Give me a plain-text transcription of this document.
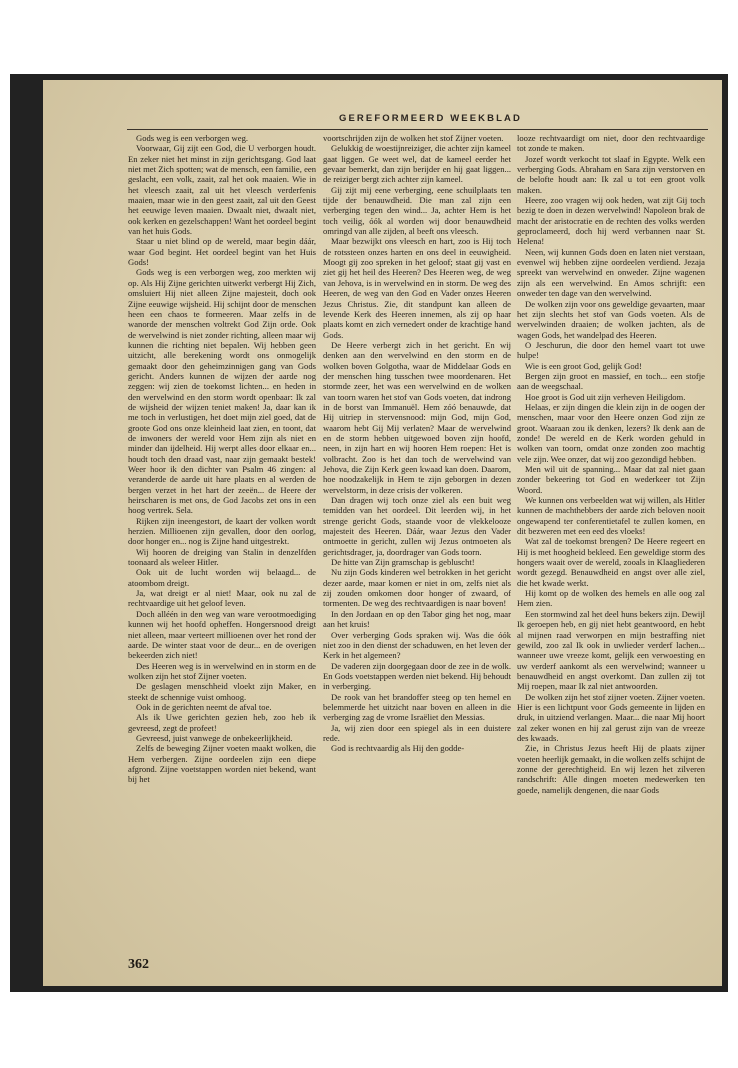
GEREFORMEERD WEEKBLAD

Gods weg is een verborgen weg.

Voorwaar, Gij zijt een God, die U verborgen houdt. En zeker niet het minst in zijn gerichtsgang. God laat niet met Zich spotten; wat de mensch, een familie, een geslacht, een volk, zaait, zal het ook maaien. Wie in het vleesch zaait, zal uit het vleesch verderfenis maaien, maar wie in den geest zaait, zal uit den Geest het eeuwige leven maaien. Dwaalt niet, dwaalt niet, ook kerken en gezelschappen! Want het oordeel begint van het huis Gods.

Staar u niet blind op de wereld, maar begin dáár, waar God begint. Het oordeel begint van het Huis Gods!

Gods weg is een verborgen weg, zoo merkten wij op. Als Hij Zijne gerichten uitwerkt verbergt Hij Zich, omsluiert Hij niet alleen Zijne majesteit, doch ook Zijne eeuwige wijsheid. Hij schijnt door de menschen heen een chaos te formeeren. Maar zelfs in de wanorde der menschen voltrekt God Zijn orde. Ook de wervelwind is niet zonder richting, alleen maar wij kunnen die richting niet bepalen. Wij hebben geen uitzicht, alle berekening wordt ons onmogelijk gemaakt door den geheimzinnigen gang van Gods gericht. Anders kunnen de wijzen der aarde nog zeggen: wij zien de toekomst lichten... en heden in den wervelwind en den storm wordt openbaar: Ik zal de wijsheid der wijzen teniet maken! Ja, daar kan ik me toch in verlustigen, het doet mijn ziel goed, dat de groote God ons onze kleinheid laat zien, en toont, dat de inwoners der wereld voor Hem zijn als niet en minder dan ijdelheid. Hij werpt alles door elkaar en... houdt toch den draad vast, naar zijn gemaakt bestek! Weer hoor ik den dichter van Psalm 46 zingen: al veranderde de aarde uit hare plaats en al werden de bergen verzet in het hart der zeeën... de Heere der heirscharen is met ons, de God Jacobs zet ons in een hoog vertrek. Sela.

Rijken zijn ineengestort, de kaart der volken wordt herzien. Millioenen zijn gevallen, door den oorlog, door honger en... nog is Zijne hand uitgestrekt.

Wij hooren de dreiging van Stalin in denzelfden toonaard als weleer Hitler.

Ook uit de lucht worden wij belaagd... de atoombom dreigt.

Ja, wat dreigt er al niet! Maar, ook nu zal de rechtvaardige uit het geloof leven.

Doch alléén in den weg van ware verootmoediging kunnen wij het hoofd opheffen. Hongersnood dreigt niet alleen, maar verteert millioenen over het rond der aarde. De winter staat voor de deur... en de overigen bekeerden zich niet!

Des Heeren weg is in wervelwind en in storm en de wolken zijn het stof Zijner voeten.

De geslagen menschheid vloekt zijn Maker, en steekt de schennige vuist omhoog.

Ook in de gerichten neemt de afval toe.

Als ik Uwe gerichten gezien heb, zoo heb ik gevreesd, zegt de profeet!

Gevreesd, juist vanwege de onbekeerlijkheid.

Zelfs de beweging Zijner voeten maakt wolken, die Hem verbergen. Zijne oordeelen zijn een diepe afgrond. Zijne voetstappen worden niet bekend, want bij het

voortschrijden zijn de wolken het stof Zijner voeten.

Gelukkig de woestijnreiziger, die achter zijn kameel gaat liggen. Ge weet wel, dat de kameel eerder het gevaar bemerkt, dan zijn berijder en hij gaat liggen... de reiziger bergt zich achter zijn kameel.

Gij zijt mij eene verberging, eene schuilplaats ten tijde der benauwdheid. Die man zal zijn een verberging tegen den wind... Ja, achter Hem is het toch veilig, óók al worden wij door benauwdheid omringd van alle zijden, al beeft ons vleesch.

Maar bezwijkt ons vleesch en hart, zoo is Hij toch de rotssteen onzes harten en ons deel in eeuwigheid. Moogt gij zoo spreken in het geloof; staat gij vast en ziet gij het heil des Heeren? Des Heeren weg, de weg van Jehova, is in wervelwind en in storm. De weg des Heeren, de weg van den God en Vader onzes Heeren Jezus Christus. Zie, dit standpunt kan alleen de levende Kerk des Heeren innemen, als zij op haar plaats komt en zich vernedert onder de krachtige hand Gods.

De Heere verbergt zich in het gericht. En wij denken aan den wervelwind en den storm en de wolken boven Golgotha, waar de Middelaar Gods en der menschen hing tusschen twee moordenaren. Het stormde zeer, het was een wervelwind en de wolken van toorn waren het stof van Gods voeten, dat indrong in de borst van Immanuël. Hem zóó benauwde, dat Hij uitriep in stervensnood: mijn God, mijn God, waarom hebt Gij Mij verlaten? Maar de wervelwind en de storm hebben uitgewoed boven zijn hoofd, neen, in zijn hart en wij hooren Hem roepen: Het is volbracht. Zoo is het dan toch de wervelwind van Jehova, die Zijn Kerk geen kwaad kan doen. Daarom, hoe noodzakelijk in Hem te zijn geborgen in dezen wervelstorm, in deze crisis der volkeren.

Dan dragen wij toch onze ziel als een buit weg temidden van het oordeel. Dit leerden wij, in het strenge gericht Gods, staande voor de vlekkelooze majesteit des Heeren. Dáár, waar Jezus den Vader ontmoette in gericht, zullen wij Jezus ontmoeten als gerichtsdrager, ja, doordrager van Gods toorn.

De hitte van Zijn gramschap is gebluscht!

Nu zijn Gods kinderen wel betrokken in het gericht dezer aarde, maar komen er niet in om, zelfs niet als zij zouden omkomen door honger of zwaard, of tormenten. De weg des rechtvaardigen is naar boven!

In den Jordaan en op den Tabor ging het nog, maar aan het kruis!

Over verberging Gods spraken wij. Was die óók niet zoo in den dienst der schaduwen, en het leven der Kerk in het algemeen?

De vaderen zijn doorgegaan door de zee in de wolk. En Gods voetstappen werden niet bekend. Hij behoudt in verberging.

De rook van het brandoffer steeg op ten hemel en belemmerde het uitzicht naar boven en alleen in die verberging zag de vrome Israëliet den Messias.

Ja, wij zien door een spiegel als in een duistere rede.

God is rechtvaardig als Hij den godde-

looze rechtvaardigt om niet, door den rechtvaardige tot zonde te maken.

Jozef wordt verkocht tot slaaf in Egypte. Welk een verberging Gods. Abraham en Sara zijn verstorven en de belofte houdt aan: Ik zal u tot een groot volk maken.

Heere, zoo vragen wij ook heden, wat zijt Gij toch bezig te doen in dezen wervelwind! Napoleon brak de macht der aristocratie en de rechten des volks werden geproclameerd, doch hij werd verbannen naar St. Helena!

Neen, wij kunnen Gods doen en laten niet verstaan, evenwel wij hebben zijne oordeelen verdiend. Jezaja spreekt van wervelwind en onweder. Zijne wagenen zijn als een wervelwind. En Amos schrijft: een onweder ten dage van den wervelwind.

De wolken zijn voor ons geweldige gevaarten, maar het zijn slechts het stof van Gods voeten. Als de wervelwinden draaien; de wolken jachten, als de wagen Gods, het wandelpad des Heeren.

O Jeschurun, die door den hemel vaart tot uwe hulpe!

Wie is een groot God, gelijk God!

Bergen zijn groot en massief, en toch... een stofje aan de weegschaal.

Hoe groot is God uit zijn verheven Heiligdom.

Helaas, er zijn dingen die klein zijn in de oogen der menschen, maar voor den Heere onzen God zijn ze groot. Waaraan zou ik denken, lezers? Ik denk aan de zonde! De wereld en de Kerk worden gehuld in wolken van toorn, omdat onze zonden zoo machtig vele zijn. Wee onzer, dat wij zoo gezondigd hebben.

Men wil uit de spanning... Maar dat zal niet gaan zonder bekeering tot God en wederkeer tot Zijn Woord.

We kunnen ons verbeelden wat wij willen, als Hitler kunnen de machthebbers der aarde zich beloven nooit ongewapend ter conferentietafel te zullen komen, en dit bezweren met een eed des vloeks!

Wat zal de toekomst brengen? De Heere regeert en Hij is met hoogheid bekleed. Een geweldige storm des hongers waait over de wereld, zooals in Klaagliederen wordt gezegd. Benauwdheid en angst over alle ziel, die het kwade werkt.

Hij komt op de wolken des hemels en alle oog zal Hem zien.

Een stormwind zal het deel huns bekers zijn. Dewijl Ik geroepen heb, en gij niet hebt geantwoord, en hebt al mijnen raad verworpen en mijn bestraffing niet gewild, zoo zal Ik ook in uwlieder verderf lachen... wanneer uwe vreeze komt, gelijk een verwoesting en uw verderf aankomt als een wervelwind; wanneer u benauwdheid en angst overkomt. Dan zullen zij tot Mij roepen, maar Ik zal niet antwoorden.

De wolken zijn het stof zijner voeten. Zijner voeten. Hier is een lichtpunt voor Gods gemeente in lijden en druk, in uitziend verlangen. Maar... die naar Mij hoort zal zeker wonen en hij zal gerust zijn van de vreeze des kwaads.

Zie, in Christus Jezus heeft Hij de plaats zijner voeten heerlijk gemaakt, in die wolken zelfs schijnt de zonne der gerechtigheid. En wij lezen het zilveren randschrift: Alle dingen moeten medewerken ten goede, namelijk dengenen, die naar Gods

362
